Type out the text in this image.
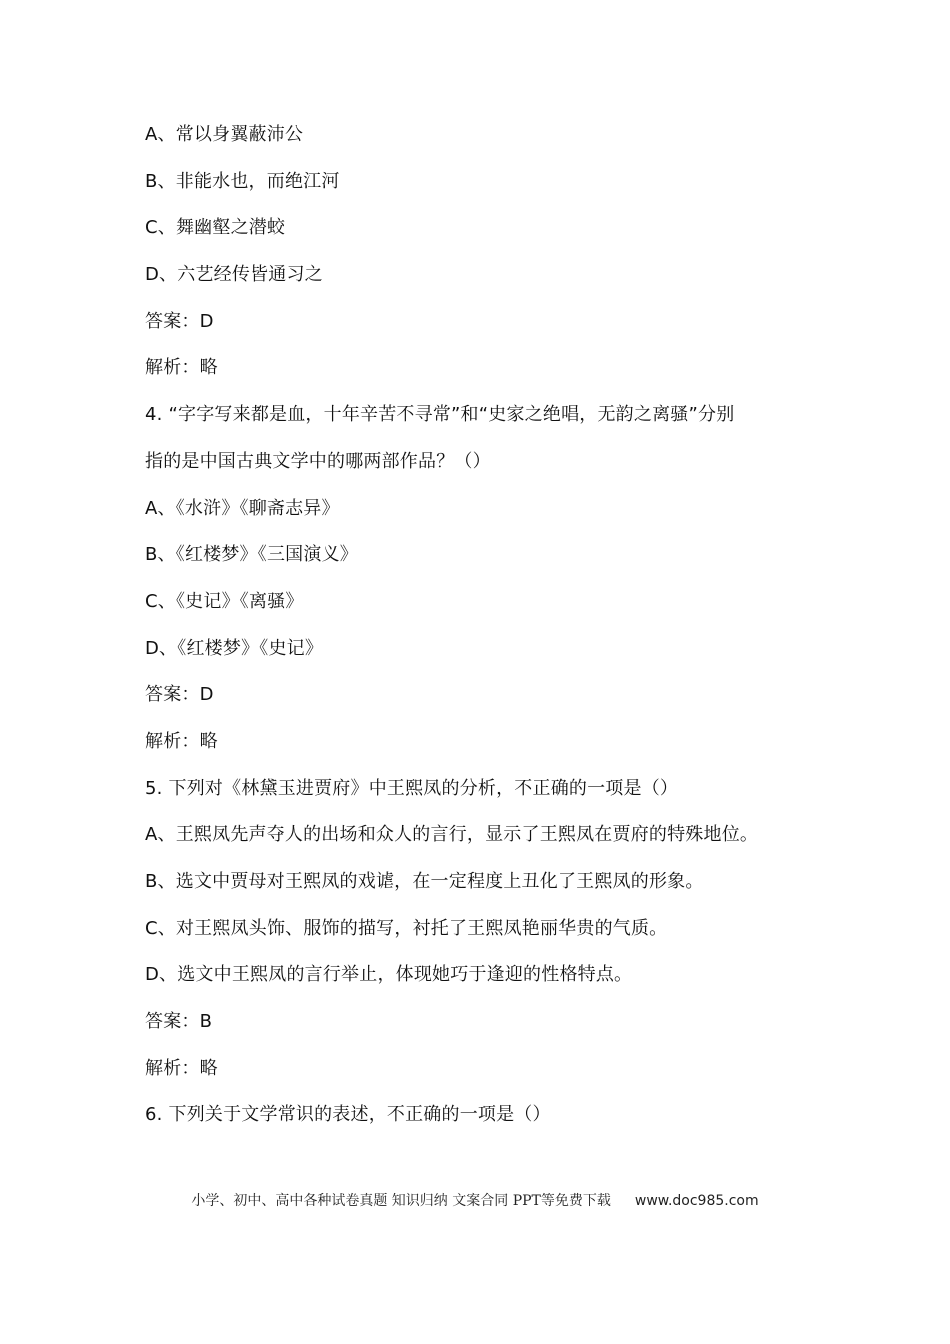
A、常以身翼蔽沛公
B、非能水也，而绝江河
C、舞幽壑之潜蛟
D、六艺经传皆通习之
答案：D
解析：略
4. “字字写来都是血，十年辛苦不寻常”和“史家之绝唱，无韵之离骚”分别
指的是中国古典文学中的哪两部作品？（）
A、《水浒》《聊斋志异》
B、《红楼梦》《三国演义》
C、《史记》《离骚》
D、《红楼梦》《史记》
答案：D
解析：略
5. 下列对《林黛玉进贾府》中王熙凤的分析，不正确的一项是（）
A、王熙凤先声夺人的出场和众人的言行，显示了王熙凤在贾府的特殊地位。
B、选文中贾母对王熙凤的戏谑，在一定程度上丑化了王熙凤的形象。
C、对王熙凤头饰、服饰的描写，衬托了王熙凤艳丽华贵的气质。
D、选文中王熙凤的言行举止，体现她巧于逢迎的性格特点。
答案：B
解析：略
6. 下列关于文学常识的表述，不正确的一项是（）
小学、初中、高中各种试卷真题 知识归纳 文案合同 PPT等免费下载 www.doc985.com
